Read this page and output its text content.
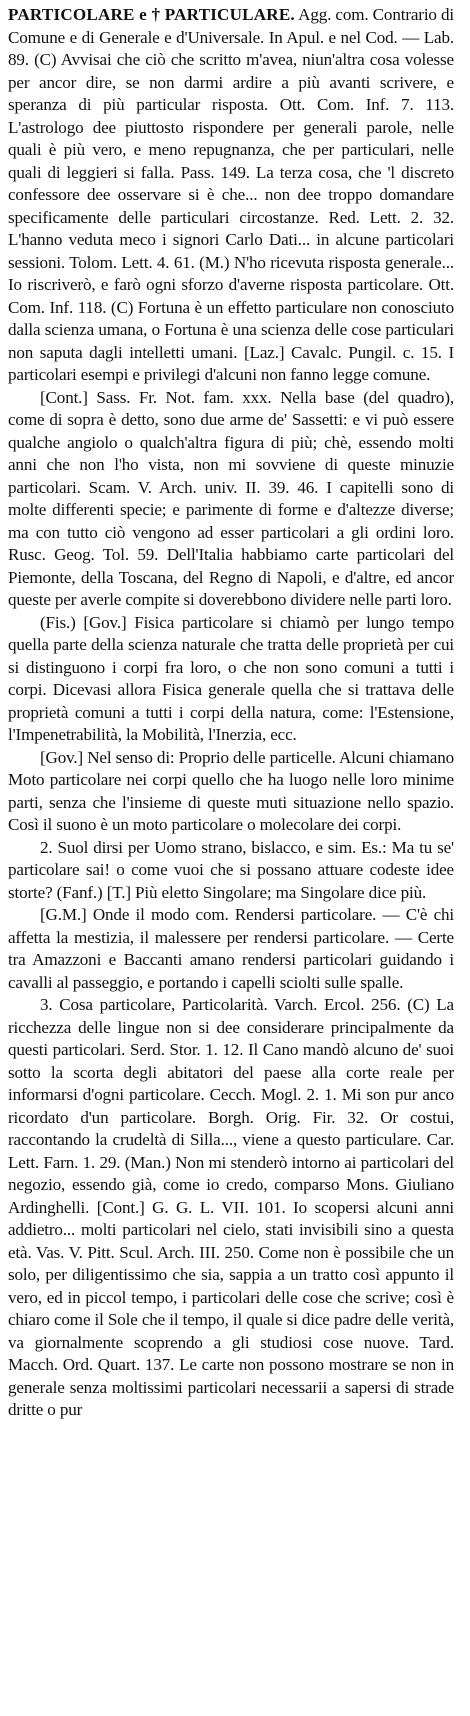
PARTICOLARE e † PARTICULARE. Agg. com. Contrario di Comune e di Generale e d'Universale. In Apul. e nel Cod. — Lab. 89. (C) Avvisai che ciò che scritto m'avea, niun'altra cosa volesse per ancor dire, se non darmi ardire a più avanti scrivere, e speranza di più particular risposta. Ott. Com. Inf. 7. 113. L'astrologo dee piuttosto rispondere per generali parole, nelle quali è più vero, e meno repugnanza, che per particulari, nelle quali di leggieri si falla. Pass. 149. La terza cosa, che 'l discreto confessore dee osservare si è che... non dee troppo domandare specificamente delle particulari circostanze. Red. Lett. 2. 32. L'hanno veduta meco i signori Carlo Dati... in alcune particolari sessioni. Tolom. Lett. 4. 61. (M.) N'ho ricevuta risposta generale... Io riscriverò, e farò ogni sforzo d'averne risposta particolare. Ott. Com. Inf. 118. (C) Fortuna è un effetto particulare non conosciuto dalla scienza umana, o Fortuna è una scienza delle cose particulari non saputa dagli intelletti umani. [Laz.] Cavalc. Pungil. c. 15. I particolari esempi e privilegi d'alcuni non fanno legge comune.

[Cont.] Sass. Fr. Not. fam. xxx. Nella base (del quadro), come di sopra è detto, sono due arme de' Sassetti: e vi può essere qualche angiolo o qualch'altra figura di più; chè, essendo molti anni che non l'ho vista, non mi sovviene di queste minuzie particolari. Scam. V. Arch. univ. II. 39. 46. I capitelli sono di molte differenti specie; e parimente di forme e d'altezze diverse; ma con tutto ciò vengono ad esser particolari a gli ordini loro. Rusc. Geog. Tol. 59. Dell'Italia habbiamo carte particolari del Piemonte, della Toscana, del Regno di Napoli, e d'altre, ed ancor queste per averle compite si doverebbono dividere nelle parti loro.

(Fis.) [Gov.] Fisica particolare si chiamò per lungo tempo quella parte della scienza naturale che tratta delle proprietà per cui si distinguono i corpi fra loro, o che non sono comuni a tutti i corpi. Dicevasi allora Fisica generale quella che si trattava delle proprietà comuni a tutti i corpi della natura, come: l'Estensione, l'Impenetrabilità, la Mobilità, l'Inerzia, ecc.

[Gov.] Nel senso di: Proprio delle particelle. Alcuni chiamano Moto particolare nei corpi quello che ha luogo nelle loro minime parti, senza che l'insieme di queste muti situazione nello spazio. Così il suono è un moto particolare o molecolare dei corpi.

2. Suol dirsi per Uomo strano, bislacco, e sim. Es.: Ma tu se' particolare sai! o come vuoi che si possano attuare codeste idee storte? (Fanf.) [T.] Più eletto Singolare; ma Singolare dice più.

[G.M.] Onde il modo com. Rendersi particolare. — C'è chi affetta la mestizia, il malessere per rendersi particolare. — Certe tra Amazzoni e Baccanti amano rendersi particolari guidando i cavalli al passeggio, e portando i capelli sciolti sulle spalle.

3. Cosa particolare, Particolarità. Varch. Ercol. 256. (C) La ricchezza delle lingue non si dee considerare principalmente da questi particolari. Serd. Stor. 1. 12. Il Cano mandò alcuno de' suoi sotto la scorta degli abitatori del paese alla corte reale per informarsi d'ogni particolare. Cecch. Mogl. 2. 1. Mi son pur anco ricordato d'un particolare. Borgh. Orig. Fir. 32. Or costui, raccontando la crudeltà di Silla..., viene a questo particulare. Car. Lett. Farn. 1. 29. (Man.) Non mi stenderò intorno ai particolari del negozio, essendo già, come io credo, comparso Mons. Giuliano Ardinghelli. [Cont.] G. G. L. VII. 101. Io scopersi alcuni anni addietro... molti particolari nel cielo, stati invisibili sino a questa età. Vas. V. Pitt. Scul. Arch. III. 250. Come non è possibile che un solo, per diligentissimo che sia, sappia a un tratto così appunto il vero, ed in piccol tempo, i particolari delle cose che scrive; così è chiaro come il Sole che il tempo, il quale si dice padre delle verità, va giornalmente scoprendo a gli studiosi cose nuove. Tard. Macch. Ord. Quart. 137. Le carte non possono mostrare se non in generale senza moltissimi particolari necessarii a sapersi di strade dritte o pur
